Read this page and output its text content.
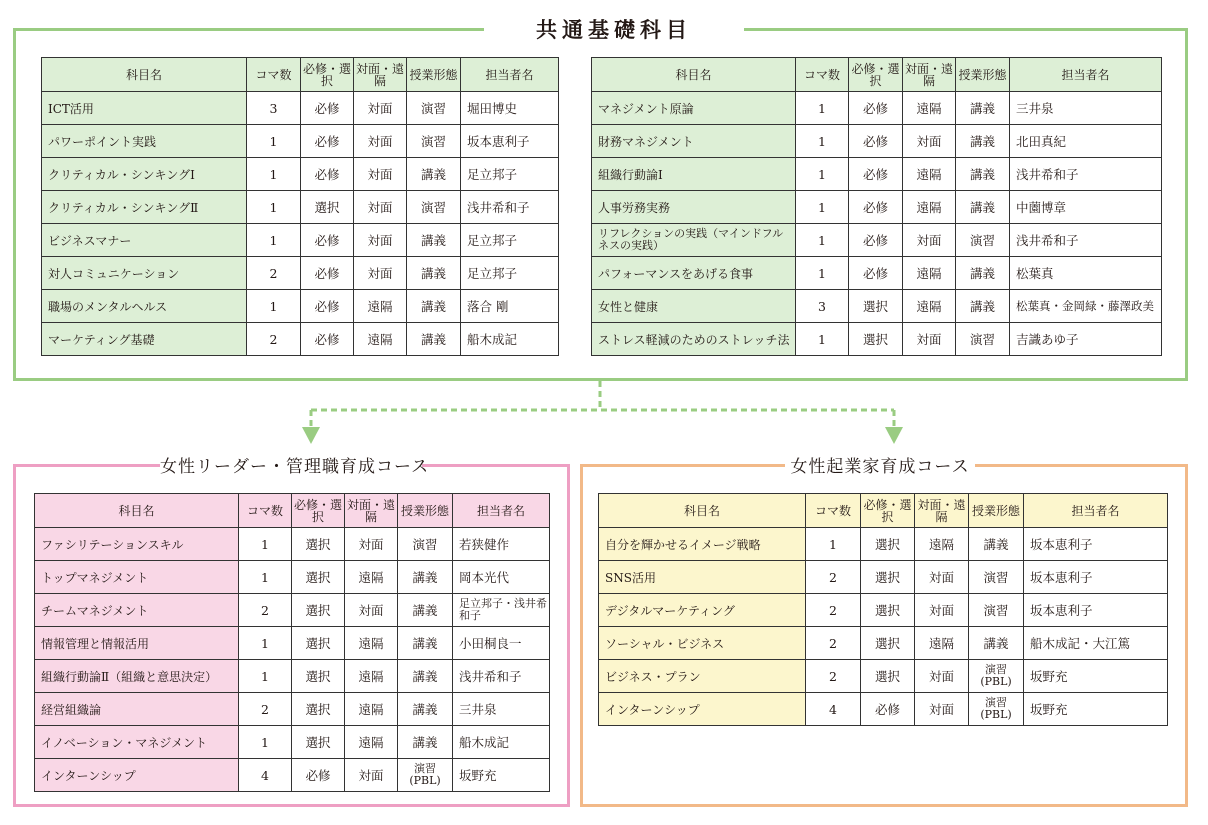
共通基礎科目
女性リーダー・管理職育成コース	女性起業家育成コース
科目名	コマ数	必修・選択	対面・遠隔	授業形態	担当者名
ICT活用	3	必修	対面	演習	堀田博史
パワーポイント実践	1	必修	対面	演習	坂本恵利子
クリティカル・シンキングⅠ	1	必修	対面	講義	足立邦子
クリティカル・シンキングⅡ	1	選択	対面	演習	浅井希和子
ビジネスマナー	1	必修	対面	講義	足立邦子
対人コミュニケーション	2	必修	対面	講義	足立邦子
職場のメンタルヘルス	1	必修	遠隔	講義	落合 剛
マーケティング基礎	2	必修	遠隔	講義	船木成記
科目名	コマ数	必修・選択	対面・遠隔	授業形態	担当者名
マネジメント原論	1	必修	遠隔	講義	三井泉
財務マネジメント	1	必修	対面	講義	北田真紀
組織行動論Ⅰ	1	必修	遠隔	講義	浅井希和子
人事労務実務	1	必修	遠隔	講義	中薗博章
リフレクションの実践（マインドフルネスの実践）	1	必修	対面	演習	浅井希和子
パフォーマンスをあげる食事	1	必修	遠隔	講義	松葉真
女性と健康	3	選択	遠隔	講義	松葉真・金岡緑・藤澤政美
ストレス軽減のためのストレッチ法	1	選択	対面	演習	吉識あゆ子
科目名	コマ数	必修・選択	対面・遠隔	授業形態	担当者名
ファシリテーションスキル	1	選択	対面	演習	若狭健作
トップマネジメント	1	選択	遠隔	講義	岡本光代
チームマネジメント	2	選択	対面	講義	足立邦子・浅井希和子
情報管理と情報活用	1	選択	遠隔	講義	小田桐良一
組織行動論Ⅱ（組織と意思決定）	1	選択	遠隔	講義	浅井希和子
経営組織論	2	選択	遠隔	講義	三井泉
イノベーション・マネジメント	1	選択	遠隔	講義	船木成記
インターンシップ	4	必修	対面	演習(PBL)	坂野充
科目名	コマ数	必修・選択	対面・遠隔	授業形態	担当者名
自分を輝かせるイメージ戦略	1	選択	遠隔	講義	坂本恵利子
SNS活用	2	選択	対面	演習	坂本恵利子
デジタルマーケティング	2	選択	対面	演習	坂本恵利子
ソーシャル・ビジネス	2	選択	遠隔	講義	船木成記・大江篤
ビジネス・プラン	2	選択	対面	演習(PBL)	坂野充
インターンシップ	4	必修	対面	演習(PBL)	坂野充
